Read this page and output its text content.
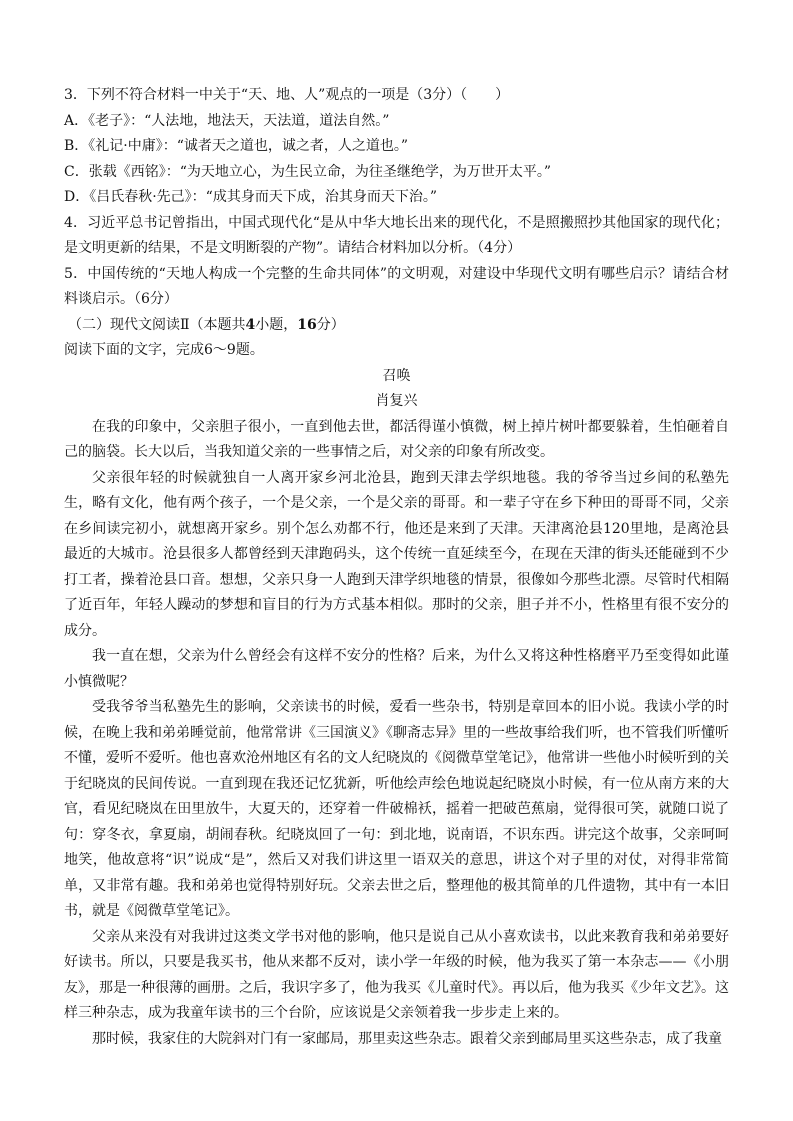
3．下列不符合材料一中关于“天、地、人”观点的一项是（3分）（　　）

A．《老子》：“人法地，地法天，天法道，道法自然。”

B．《礼记·中庸》：“诚者天之道也，诚之者，人之道也。”

C．张载《西铭》：“为天地立心，为生民立命，为往圣继绝学，为万世开太平。”

D．《吕氏春秋·先己》：“成其身而天下成，治其身而天下治。”

4．习近平总书记曾指出，中国式现代化“是从中华大地长出来的现代化，不是照搬照抄其他国家的现代化；是文明更新的结果，不是文明断裂的产物”。请结合材料加以分析。（4分）

5．中国传统的“天地人构成一个完整的生命共同体”的文明观，对建设中华现代文明有哪些启示？请结合材料谈启示。（6分）

（二）现代文阅读Ⅱ（本题共4小题，16分）

阅读下面的文字，完成6～9题。

召唤

肖复兴

在我的印象中，父亲胆子很小，一直到他去世，都活得谨小慎微，树上掉片树叶都要躲着，生怕砸着自己的脑袋。长大以后，当我知道父亲的一些事情之后，对父亲的印象有所改变。

父亲很年轻的时候就独自一人离开家乡河北沧县，跑到天津去学织地毯。我的爷爷当过乡间的私塾先生，略有文化，他有两个孩子，一个是父亲，一个是父亲的哥哥。和一辈子守在乡下种田的哥哥不同，父亲在乡间读完初小，就想离开家乡。别个怎么劝都不行，他还是来到了天津。天津离沧县120里地，是离沧县最近的大城市。沧县很多人都曾经到天津跑码头，这个传统一直延续至今，在现在天津的街头还能碰到不少打工者，操着沧县口音。想想，父亲只身一人跑到天津学织地毯的情景，很像如今那些北漂。尽管时代相隔了近百年，年轻人躁动的梦想和盲目的行为方式基本相似。那时的父亲，胆子并不小，性格里有很不安分的成分。

我一直在想，父亲为什么曾经会有这样不安分的性格？后来，为什么又将这种性格磨平乃至变得如此谨小慎微呢？

受我爷爷当私塾先生的影响，父亲读书的时候，爱看一些杂书，特别是章回本的旧小说。我读小学的时候，在晚上我和弟弟睡觉前，他常常讲《三国演义》《聊斋志异》里的一些故事给我们听，也不管我们听懂听不懂，爱听不爱听。他也喜欢沧州地区有名的文人纪晓岚的《阅微草堂笔记》，他常讲一些他小时候听到的关于纪晓岚的民间传说。一直到现在我还记忆犹新，听他绘声绘色地说起纪晓岚小时候，有一位从南方来的大官，看见纪晓岚在田里放牛，大夏天的，还穿着一件破棉袄，摇着一把破芭蕉扇，觉得很可笑，就随口说了句：穿冬衣，拿夏扇，胡闹春秋。纪晓岚回了一句：到北地，说南语，不识东西。讲完这个故事，父亲呵呵地笑，他故意将“识”说成“是”，然后又对我们讲这里一语双关的意思，讲这个对子里的对仗，对得非常简单，又非常有趣。我和弟弟也觉得特别好玩。父亲去世之后，整理他的极其简单的几件遗物，其中有一本旧书，就是《阅微草堂笔记》。

父亲从来没有对我讲过这类文学书对他的影响，他只是说自己从小喜欢读书，以此来教育我和弟弟要好好读书。所以，只要是我买书，他从来都不反对，读小学一年级的时候，他为我买了第一本杂志——《小朋友》，那是一种很薄的画册。之后，我识字多了，他为我买《儿童时代》。再以后，他为我买《少年文艺》。这样三种杂志，成为我童年读书的三个台阶，应该说是父亲领着我一步步走上来的。

那时候，我家住的大院斜对门有一家邮局，那里卖这些杂志。跟着父亲到邮局里买这些杂志，成了我童
